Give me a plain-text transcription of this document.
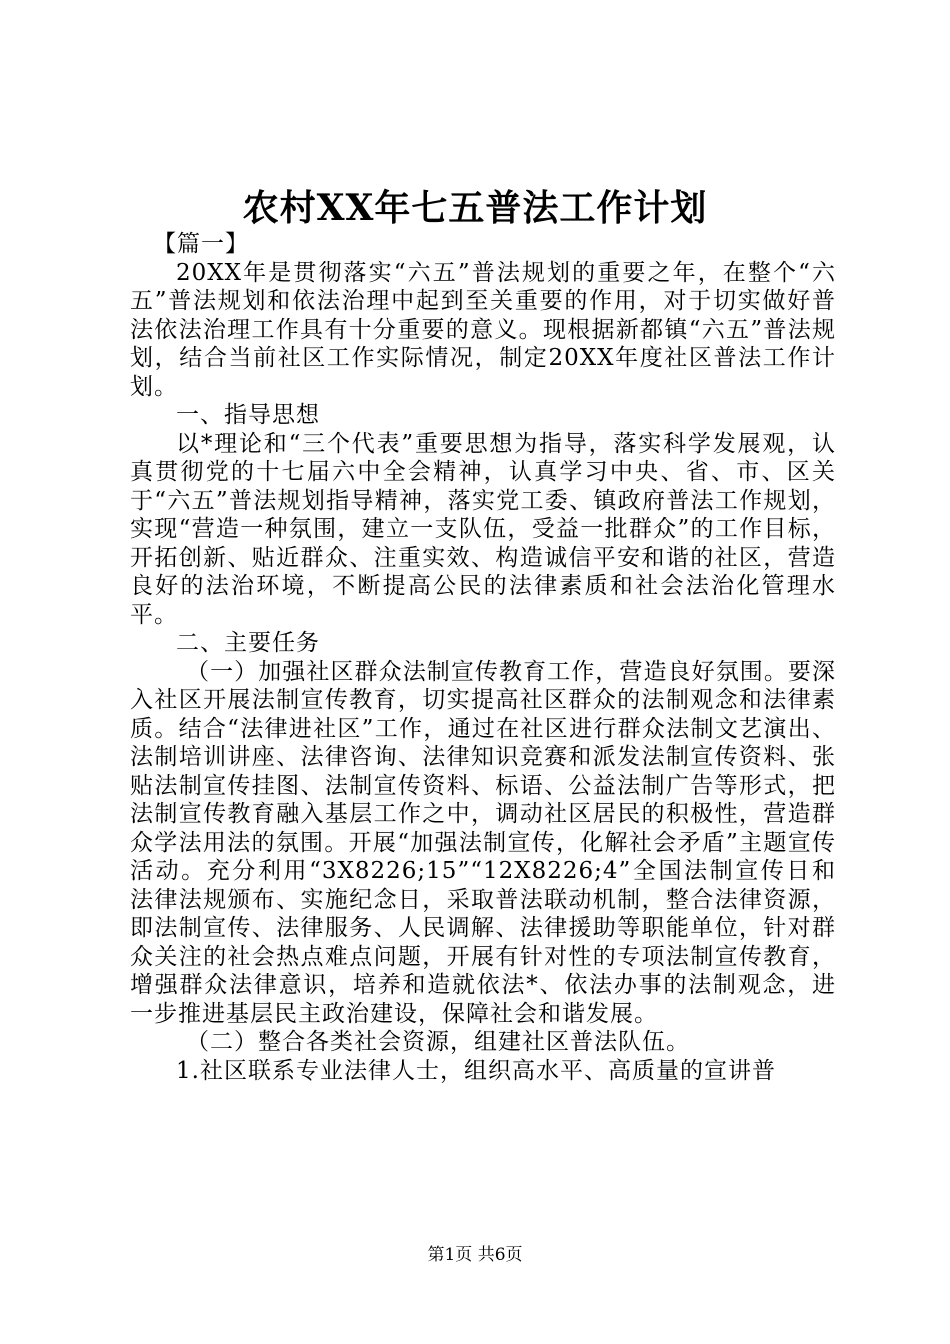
农村XX年七五普法工作计划

【篇一】

20XX年是贯彻落实“六五”普法规划的重要之年，在整个“六五”普法规划和依法治理中起到至关重要的作用，对于切实做好普法依法治理工作具有十分重要的意义。现根据新都镇“六五”普法规划，结合当前社区工作实际情况，制定20XX年度社区普法工作计划。

一、指导思想

以*理论和“三个代表”重要思想为指导，落实科学发展观，认真贯彻党的十七届六中全会精神，认真学习中央、省、市、区关于“六五”普法规划指导精神，落实党工委、镇政府普法工作规划，实现“营造一种氛围，建立一支队伍，受益一批群众”的工作目标，开拓创新、贴近群众、注重实效、构造诚信平安和谐的社区，营造良好的法治环境，不断提高公民的法律素质和社会法治化管理水平。

二、主要任务

（一）加强社区群众法制宣传教育工作，营造良好氛围。要深入社区开展法制宣传教育，切实提高社区群众的法制观念和法律素质。结合“法律进社区”工作，通过在社区进行群众法制文艺演出、法制培训讲座、法律咨询、法律知识竞赛和派发法制宣传资料、张贴法制宣传挂图、法制宣传资料、标语、公益法制广告等形式，把法制宣传教育融入基层工作之中，调动社区居民的积极性，营造群众学法用法的氛围。开展“加强法制宣传，化解社会矛盾”主题宣传活动。充分利用“3X8226;15”“12X8226;4”全国法制宣传日和法律法规颁布、实施纪念日，采取普法联动机制，整合法律资源，即法制宣传、法律服务、人民调解、法律援助等职能单位，针对群众关注的社会热点难点问题，开展有针对性的专项法制宣传教育，增强群众法律意识，培养和造就依法*、依法办事的法制观念，进一步推进基层民主政治建设，保障社会和谐发展。

（二）整合各类社会资源，组建社区普法队伍。

1.社区联系专业法律人士，组织高水平、高质量的宣讲普

第1页 共6页
